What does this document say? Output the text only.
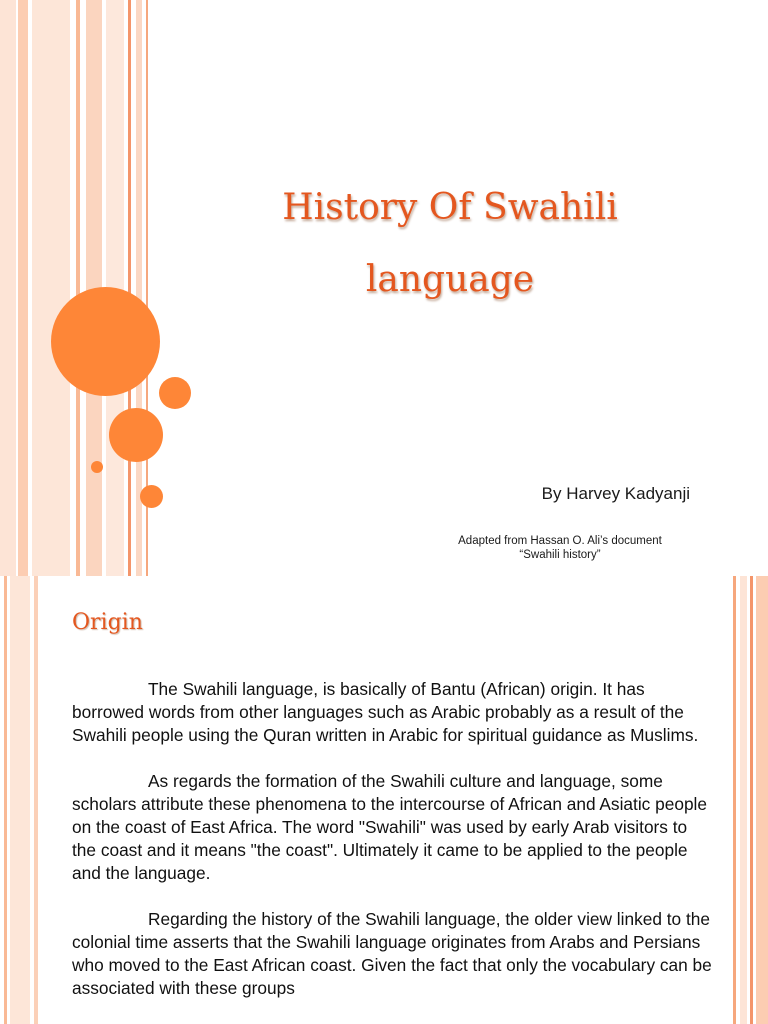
History Of Swahili
language
By Harvey Kadyanji
Adapted from Hassan O. Ali’s document
“Swahili history”
Origin

The Swahili language, is basically of Bantu (African) origin. It has borrowed words from other languages such as Arabic probably as a result of the Swahili people using the Quran written in Arabic for spiritual guidance as Muslims.

As regards the formation of the Swahili culture and language, some scholars attribute these phenomena to the intercourse of African and Asiatic people on the coast of East Africa. The word "Swahili" was used by early Arab visitors to the coast and it means "the coast". Ultimately it came to be applied to the people and the language.

Regarding the history of the Swahili language, the older view linked to the colonial time asserts that the Swahili language originates from Arabs and Persians who moved to the East African coast. Given the fact that only the vocabulary can be associated with these groups
